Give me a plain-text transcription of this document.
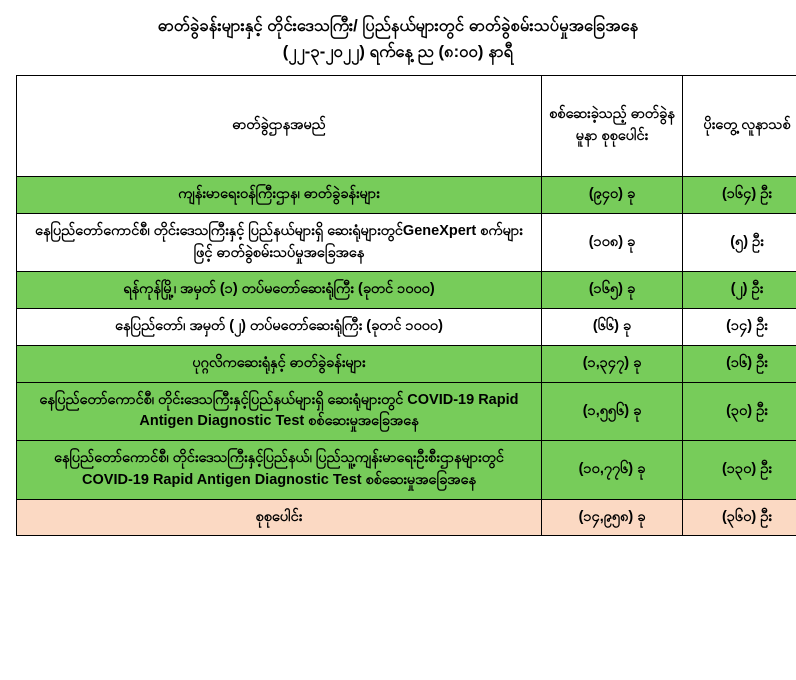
ဓာတ်ခွဲခန်းများနှင့် တိုင်းဒေသကြီး/ ပြည်နယ်များတွင် ဓာတ်ခွဲစမ်းသပ်မှုအခြေအနေ
(၂၂-၃-၂၀၂၂) ရက်နေ့ ည (၈:၀၀) နာရီ
ဓာတ်ခွဲဌာနအမည်	စစ်ဆေးခဲ့သည့် ဓာတ်ခွဲနမူနာ စုစုပေါင်း	ပိုးတွေ့ လူနာသစ်
ကျန်းမာရေးဝန်ကြီးဌာန၊ ဓာတ်ခွဲခန်းများ	(၉၄၀) ခု	(၁၆၄) ဦး
နေပြည်တော်ကောင်စီ၊ တိုင်းဒေသကြီးနှင့် ပြည်နယ်များရှိ ဆေးရုံများတွင်GeneXpert စက်များဖြင့် ဓာတ်ခွဲစမ်းသပ်မှုအခြေအနေ	(၁၀၈) ခု	(၅) ဦး
ရန်ကုန်မြို့၊ အမှတ် (၁) တပ်မတော်ဆေးရုံကြီး (ခုတင် ၁၀၀၀)	(၁၆၅) ခု	(၂) ဦး
နေပြည်တော်၊ အမှတ် (၂) တပ်မတော်ဆေးရုံကြီး (ခုတင် ၁၀၀၀)	(၆၆) ခု	(၁၄) ဦး
ပုဂ္ဂလိကဆေးရုံနှင့် ဓာတ်ခွဲခန်းများ	(၁,၃၄၇) ခု	(၁၆) ဦး
နေပြည်တော်ကောင်စီ၊ တိုင်းဒေသကြီးနှင့်ပြည်နယ်များရှိ ဆေးရုံများတွင် COVID-19 Rapid Antigen Diagnostic Test စစ်ဆေးမှုအခြေအနေ	(၁,၅၅၆) ခု	(၃၀) ဦး
နေပြည်တော်ကောင်စီ၊ တိုင်းဒေသကြီးနှင့်ပြည်နယ်၊ ပြည်သူ့ကျန်းမာရေးဦးစီးဌာနများတွင် COVID-19 Rapid Antigen Diagnostic Test စစ်ဆေးမှုအခြေအနေ	(၁၀,၇၇၆) ခု	(၁၃၀) ဦး
စုစုပေါင်း	(၁၄,၉၅၈) ခု	(၃၆၀) ဦး
